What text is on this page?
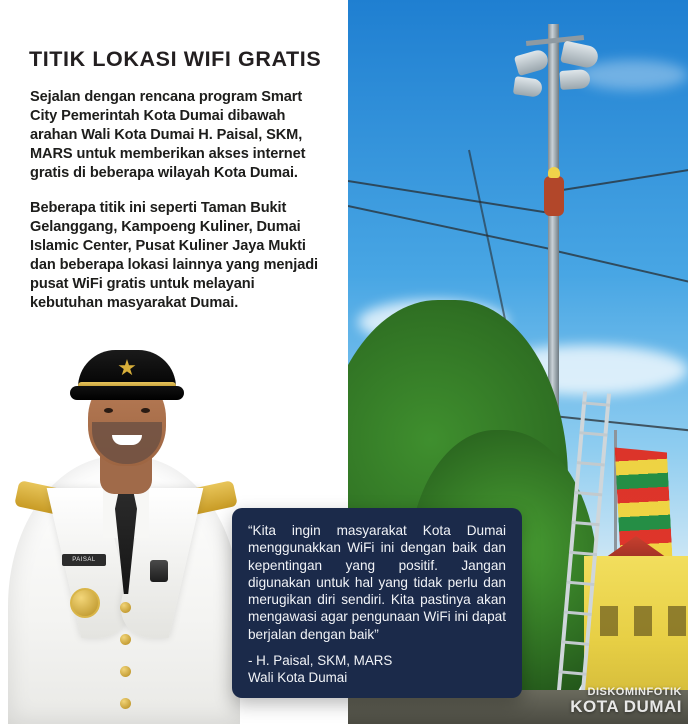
DISKOMINFOTIK
KOTA DUMAI
TITIK LOKASI WIFI GRATIS
Sejalan dengan rencana program Smart City Pemerintah Kota Dumai dibawah arahan Wali Kota Dumai H. Paisal, SKM, MARS untuk memberikan akses internet gratis di beberapa wilayah Kota Dumai.
Beberapa titik ini seperti Taman Bukit Gelanggang, Kampoeng Kuliner, Dumai Islamic Center, Pusat Kuliner Jaya Mukti dan beberapa lokasi lainnya yang menjadi pusat WiFi gratis untuk melayani kebutuhan masyarakat Dumai.
★
PAISAL
“Kita ingin masyarakat Kota Dumai menggunakkan WiFi ini dengan baik dan kepentingan yang positif. Jangan digunakan untuk hal yang tidak perlu dan merugikan diri sendiri. Kita pastinya akan mengawasi agar pengunaan WiFi ini dapat berjalan dengan baik”
- H. Paisal, SKM, MARS
Wali Kota Dumai
